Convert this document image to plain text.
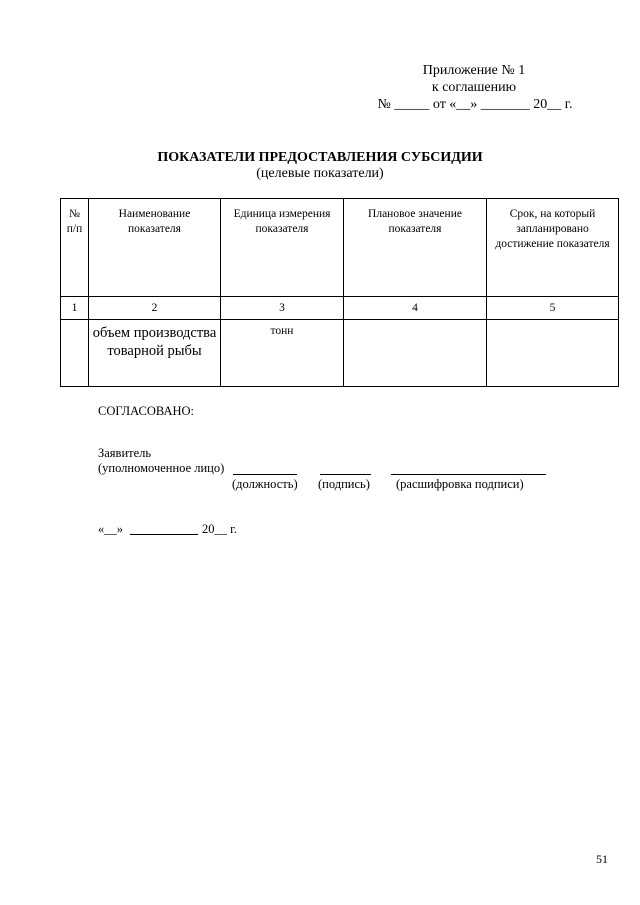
Приложение № 1
к соглашению
№ _____ от «__» _______ 20__ г.
ПОКАЗАТЕЛИ ПРЕДОСТАВЛЕНИЯ СУБСИДИИ
(целевые показатели)
№ п/п	Наименование показателя	Единица измерения показателя	Плановое значение показателя	Срок, на который запланировано достижение показателя
1	2	3	4	5
	объем производства товарной рыбы	тонн		
СОГЛАСОВАНО:
Заявитель
(уполномоченное лицо)
(должность) (подпись) (расшифровка подписи)
«__»	20__ г.
51
